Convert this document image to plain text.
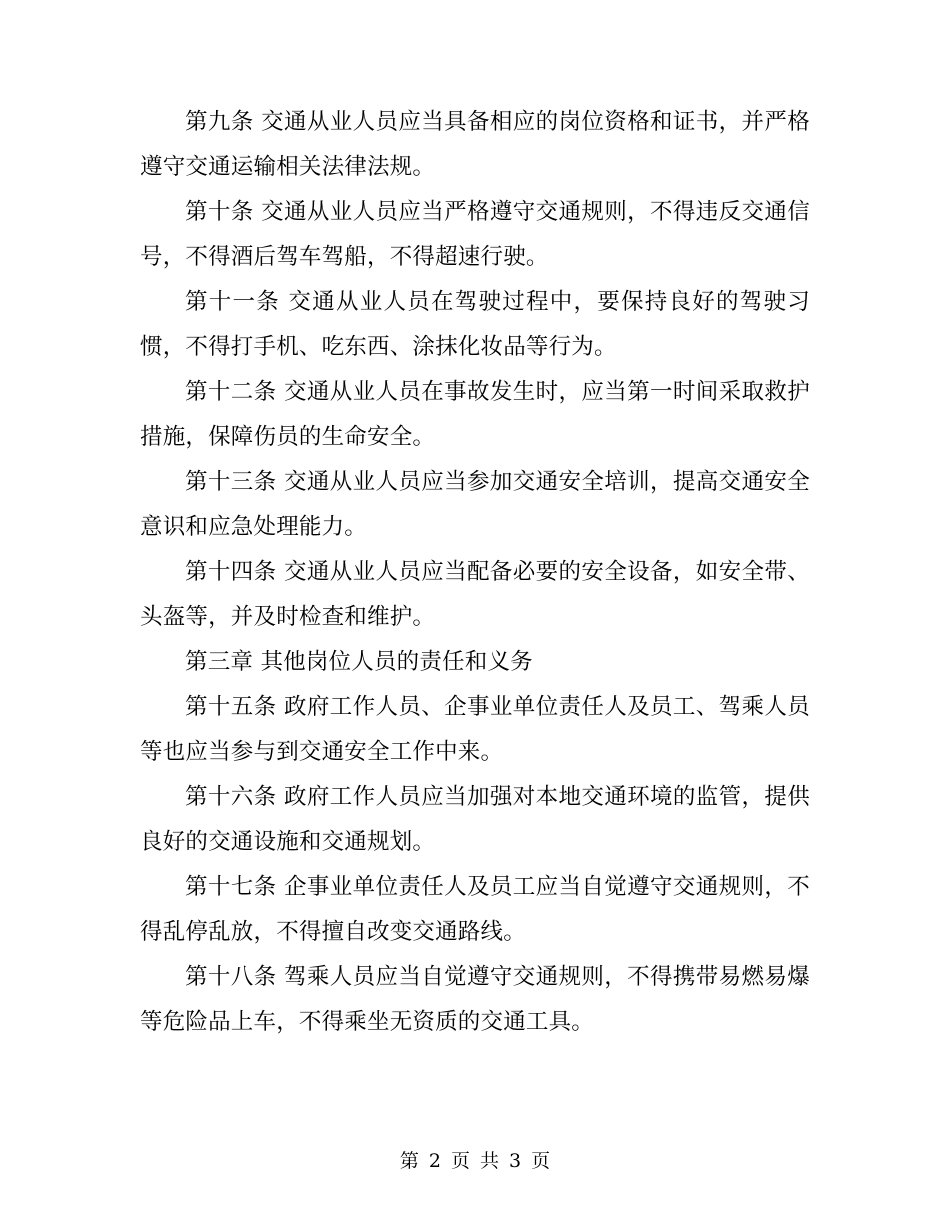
第九条 交通从业人员应当具备相应的岗位资格和证书，并严格遵守交通运输相关法律法规。

第十条 交通从业人员应当严格遵守交通规则，不得违反交通信号，不得酒后驾车驾船，不得超速行驶。

第十一条 交通从业人员在驾驶过程中，要保持良好的驾驶习惯，不得打手机、吃东西、涂抹化妆品等行为。

第十二条 交通从业人员在事故发生时，应当第一时间采取救护措施，保障伤员的生命安全。

第十三条 交通从业人员应当参加交通安全培训，提高交通安全意识和应急处理能力。

第十四条 交通从业人员应当配备必要的安全设备，如安全带、头盔等，并及时检查和维护。

第三章 其他岗位人员的责任和义务

第十五条 政府工作人员、企事业单位责任人及员工、驾乘人员等也应当参与到交通安全工作中来。

第十六条 政府工作人员应当加强对本地交通环境的监管，提供良好的交通设施和交通规划。

第十七条 企事业单位责任人及员工应当自觉遵守交通规则，不得乱停乱放，不得擅自改变交通路线。

第十八条 驾乘人员应当自觉遵守交通规则，不得携带易燃易爆等危险品上车，不得乘坐无资质的交通工具。

第 2 页 共 3 页
